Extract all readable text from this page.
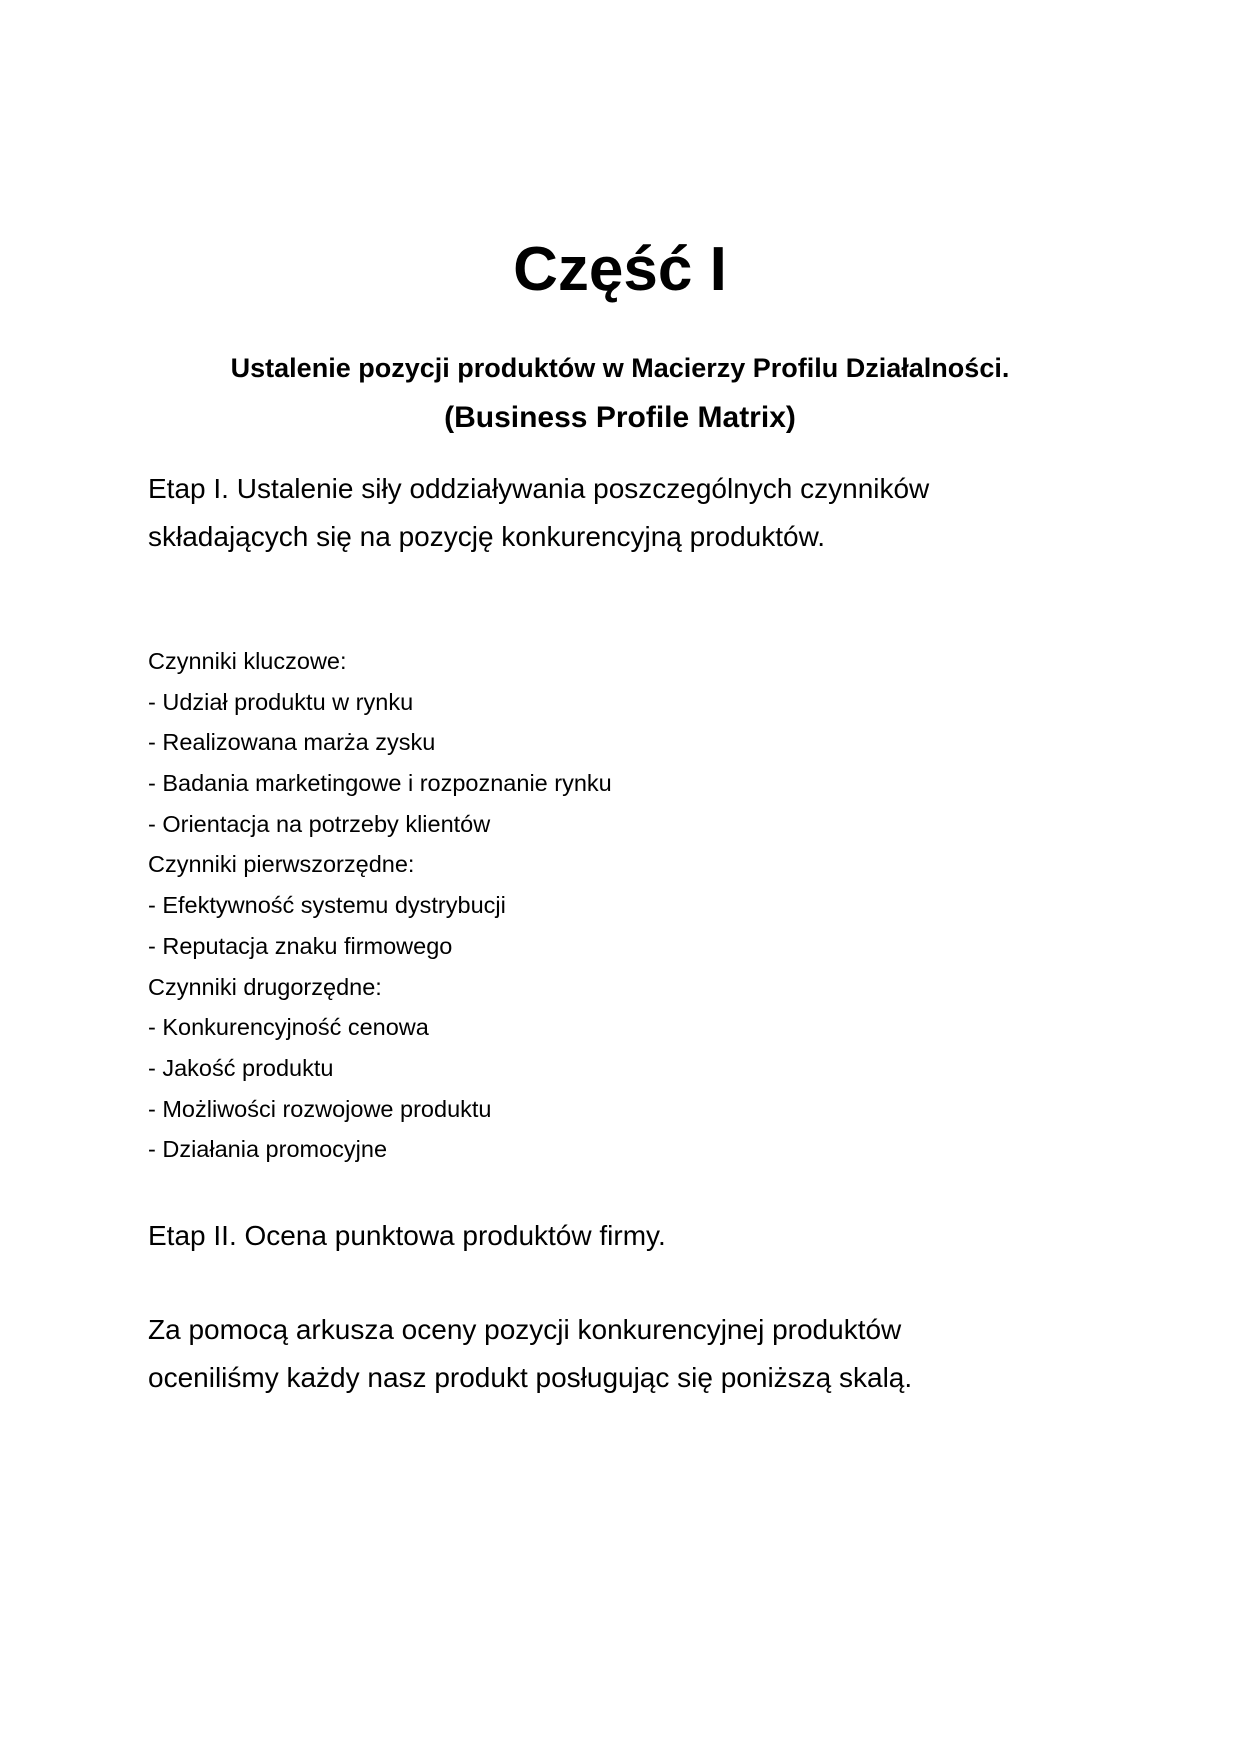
Część I

Ustalenie pozycji produktów w Macierzy Profilu Działalności.

(Business Profile Matrix)

Etap I. Ustalenie siły oddziaływania poszczególnych czynników
składających się na pozycję konkurencyjną produktów.
Czynniki kluczowe:
- Udział produktu w rynku
- Realizowana marża zysku
- Badania marketingowe i rozpoznanie rynku
- Orientacja na potrzeby klientów
Czynniki pierwszorzędne:
- Efektywność systemu dystrybucji
- Reputacja znaku firmowego
Czynniki drugorzędne:
- Konkurencyjność cenowa
- Jakość produktu
- Możliwości rozwojowe produktu
- Działania promocyjne
Etap II. Ocena punktowa produktów firmy.
Za pomocą arkusza oceny pozycji konkurencyjnej produktów
oceniliśmy każdy nasz produkt posługując się poniższą skalą.
